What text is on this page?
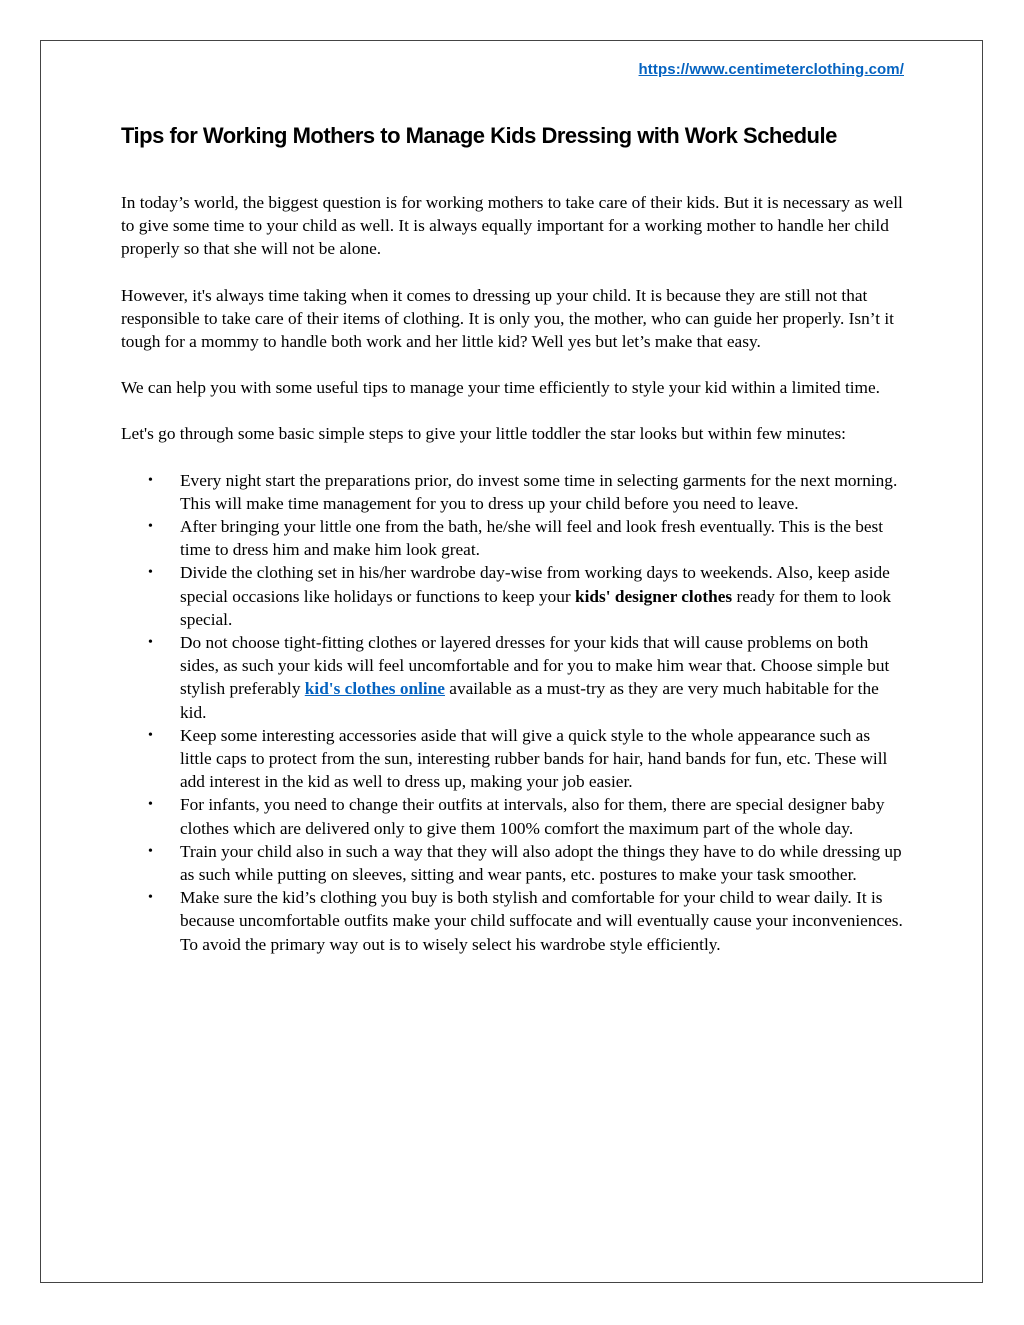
https://www.centimeterclothing.com/
Tips for Working Mothers to Manage Kids Dressing with Work Schedule

In today’s world, the biggest question is for working mothers to take care of their kids. But it is necessary as well to give some time to your child as well. It is always equally important for a working mother to handle her child properly so that she will not be alone.

However, it's always time taking when it comes to dressing up your child. It is because they are still not that responsible to take care of their items of clothing. It is only you, the mother, who can guide her properly. Isn’t it tough for a mommy to handle both work and her little kid? Well yes but let’s make that easy.

We can help you with some useful tips to manage your time efficiently to style your kid within a limited time.

Let's go through some basic simple steps to give your little toddler the star looks but within few minutes:

• Every night start the preparations prior, do invest some time in selecting garments for the next morning. This will make time management for you to dress up your child before you need to leave.
• After bringing your little one from the bath, he/she will feel and look fresh eventually. This is the best time to dress him and make him look great.
• Divide the clothing set in his/her wardrobe day-wise from working days to weekends. Also, keep aside special occasions like holidays or functions to keep your kids' designer clothes ready for them to look special.
• Do not choose tight-fitting clothes or layered dresses for your kids that will cause problems on both sides, as such your kids will feel uncomfortable and for you to make him wear that. Choose simple but stylish preferably kid's clothes online available as a must-try as they are very much habitable for the kid.
• Keep some interesting accessories aside that will give a quick style to the whole appearance such as little caps to protect from the sun, interesting rubber bands for hair, hand bands for fun, etc. These will add interest in the kid as well to dress up, making your job easier.
• For infants, you need to change their outfits at intervals, also for them, there are special designer baby clothes which are delivered only to give them 100% comfort the maximum part of the whole day.
• Train your child also in such a way that they will also adopt the things they have to do while dressing up as such while putting on sleeves, sitting and wear pants, etc. postures to make your task smoother.
• Make sure the kid’s clothing you buy is both stylish and comfortable for your child to wear daily. It is because uncomfortable outfits make your child suffocate and will eventually cause your inconveniences. To avoid the primary way out is to wisely select his wardrobe style efficiently.
